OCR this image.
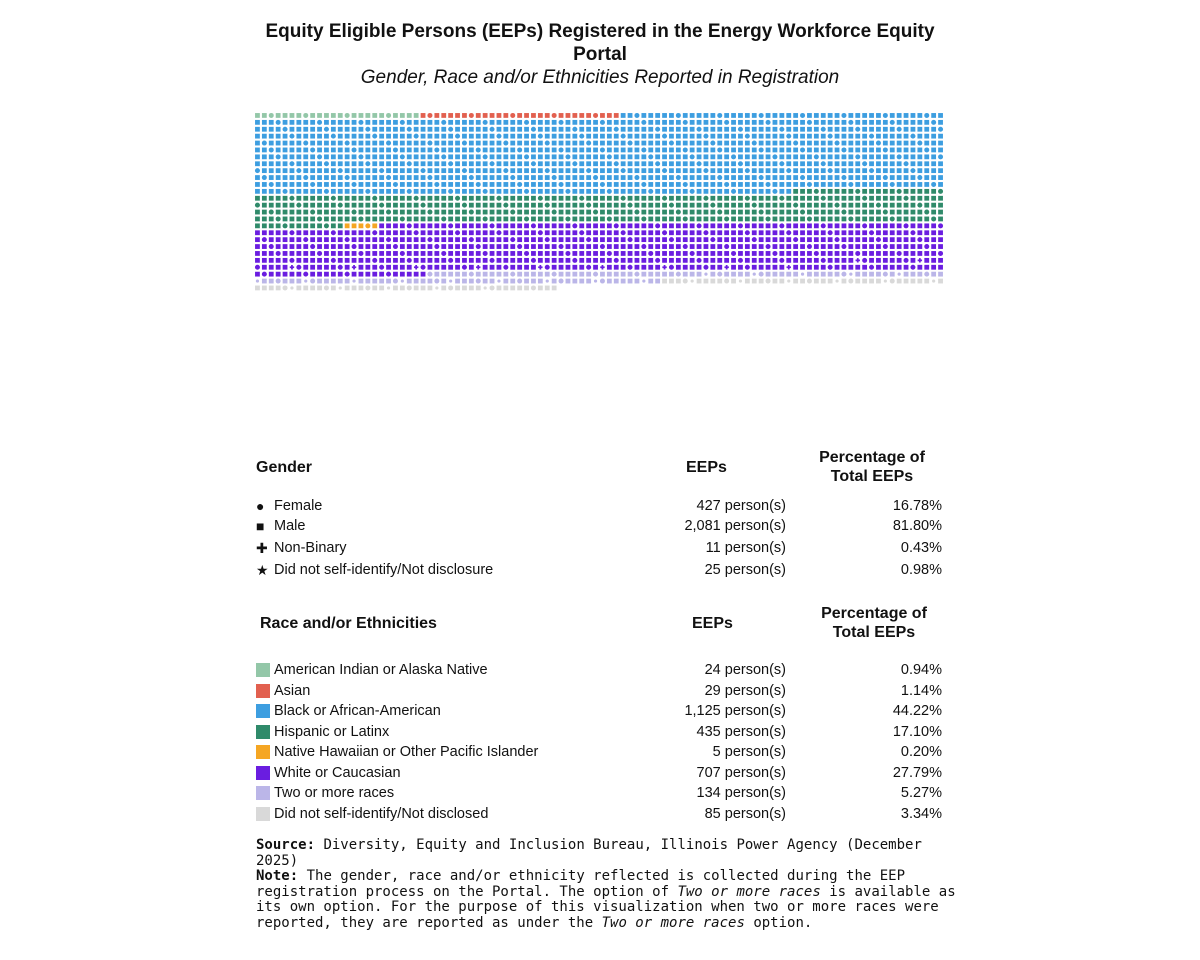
Equity Eligible Persons (EEPs) Registered in the Energy Workforce Equity Portal
Gender, Race and/or Ethnicities Reported in Registration
Gender	EEPs
Percentage of Total EEPs
● Female	427 person(s)	16.78%
■ Male	2,081 person(s)	81.80%
✚ Non-Binary	11 person(s)	0.43%
★ Did not self-identify/Not disclosure	25 person(s)	0.98%
Race and/or Ethnicities	EEPs
Percentage of Total EEPs
American Indian or Alaska Native	24 person(s)	0.94%
Asian	29 person(s)	1.14%
Black or African-American	1,125 person(s)	44.22%
Hispanic or Latinx	435 person(s)	17.10%
Native Hawaiian or Other Pacific Islander	5 person(s)	0.20%
White or Caucasian	707 person(s)	27.79%
Two or more races	134 person(s)	5.27%
Did not self-identify/Not disclosed	85 person(s)	3.34%
Source: Diversity, Equity and Inclusion Bureau, Illinois Power Agency (December 2025)
Note: The gender, race and/or ethnicity reflected is collected during the EEP registration process on the Portal. The option of Two or more races is available as its own option. For the purpose of this visualization when two or more races were reported, they are reported as under the Two or more races option.
